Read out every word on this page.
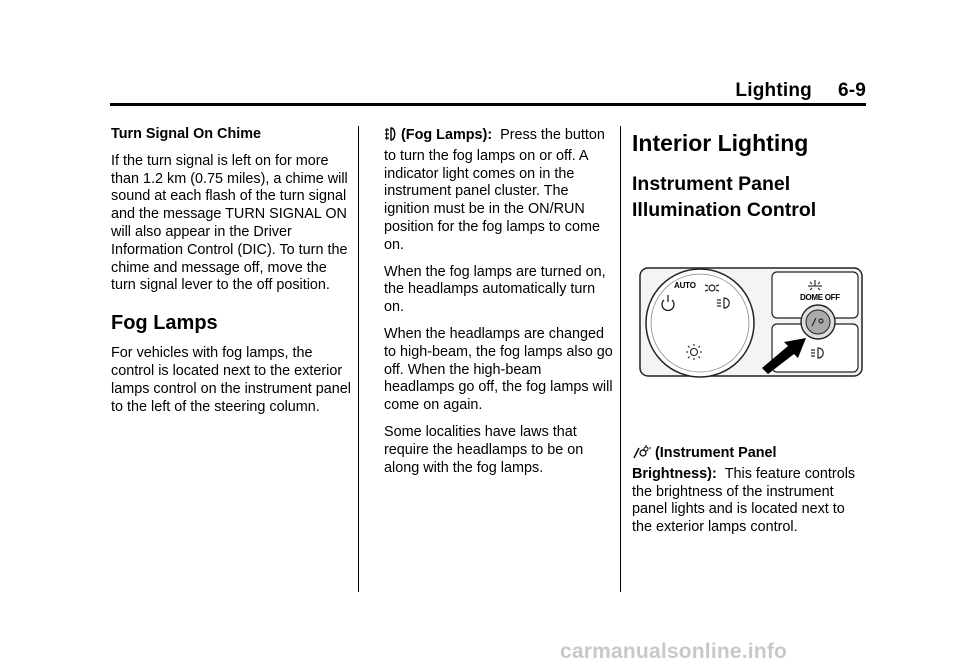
Lighting 6-9

Turn Signal On Chime

If the turn signal is left on for more than 1.2 km (0.75 miles), a chime will sound at each flash of the turn signal and the message TURN SIGNAL ON will also appear in the Driver Information Control (DIC). To turn the chime and message off, move the turn signal lever to the off position.

Fog Lamps

For vehicles with fog lamps, the control is located next to the exterior lamps control on the instrument panel to the left of the steering column.

(Fog Lamps): Press the button to turn the fog lamps on or off. A indicator light comes on in the instrument panel cluster. The ignition must be in the ON/RUN position for the fog lamps to come on.

When the fog lamps are turned on, the headlamps automatically turn on.

When the headlamps are changed to high-beam, the fog lamps also go off. When the high-beam headlamps go off, the fog lamps will come on again.

Some localities have laws that require the headlamps to be on along with the fog lamps.

Interior Lighting
Instrument Panel Illumination Control
AUTO
DOME OFF
(Instrument Panel Brightness): This feature controls the brightness of the instrument panel lights and is located next to the exterior lamps control.
carmanualsonline.info
